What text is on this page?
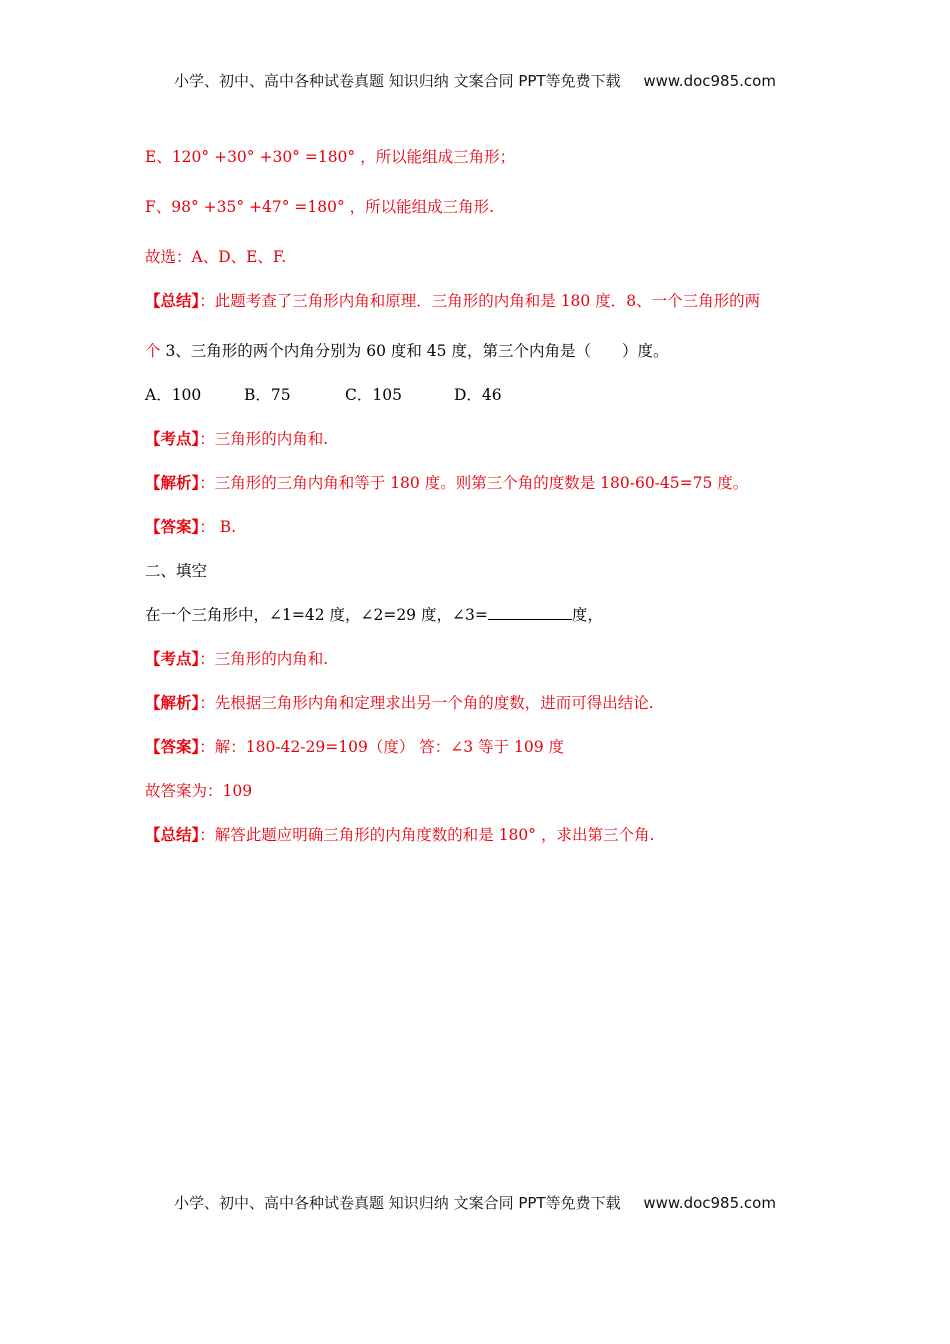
小学、初中、高中各种试卷真题 知识归纳 文案合同 PPT等免费下载 www.doc985.com
E、120° +30° +30° =180° ，所以能组成三角形；
F、98° +35° +47° =180° ，所以能组成三角形.
故选：A、D、E、F.
【总结】：此题考查了三角形内角和原理．三角形的内角和是 180 度．8、一个三角形的两
个 3、三角形的两个内角分别为 60 度和 45 度，第三个内角是（　　）度。
A．100	B．75	C．105	D．46
【考点】：三角形的内角和.
【解析】：三角形的三角内角和等于 180 度。则第三个角的度数是 180-60-45=75 度。
【答案】： B.
二、填空
在一个三角形中，∠1=42 度，∠2=29 度，∠3=	度，
【考点】：三角形的内角和.
【解析】：先根据三角形内角和定理求出另一个角的度数，进而可得出结论.
【答案】：解：180-42-29=109（度） 答：∠3 等于 109 度
故答案为：109
【总结】：解答此题应明确三角形的内角度数的和是 180° ，求出第三个角.
小学、初中、高中各种试卷真题 知识归纳 文案合同 PPT等免费下载 www.doc985.com
